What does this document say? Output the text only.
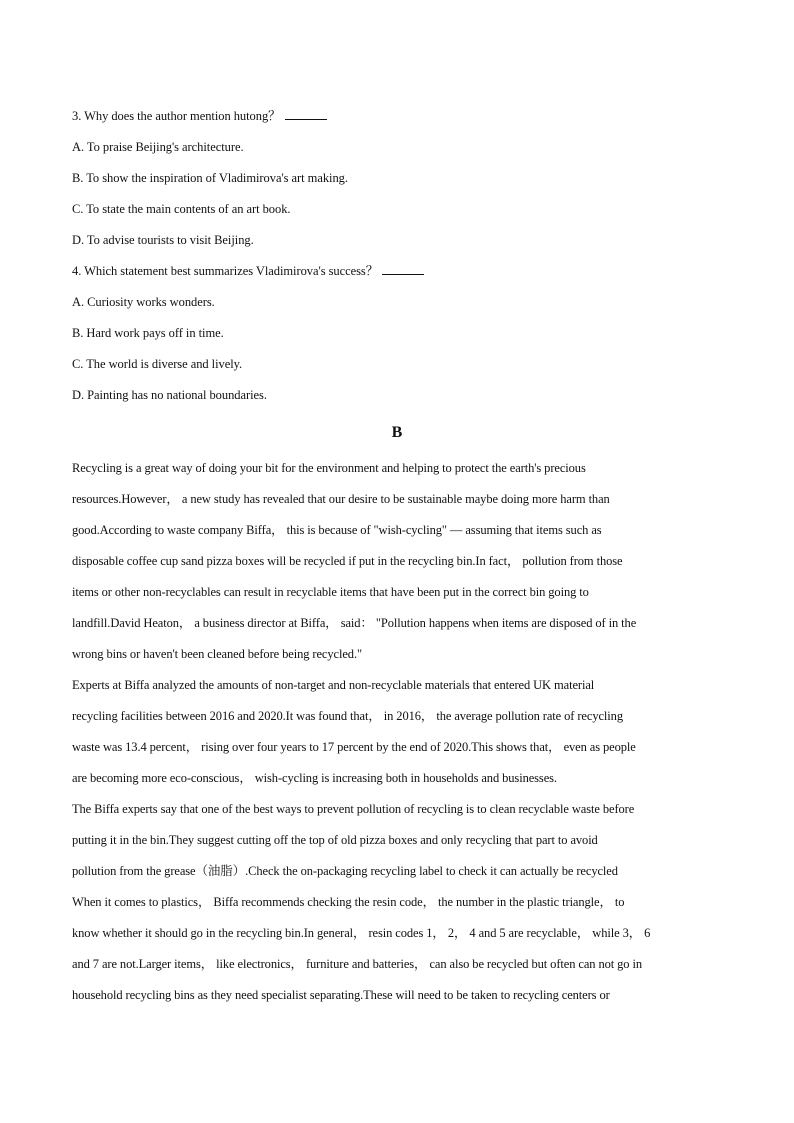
3. Why does the author mention hutong？
A. To praise Beijing's architecture.
B. To show the inspiration of Vladimirova's art making.
C. To state the main contents of an art book.
D. To advise tourists to visit Beijing.
4. Which statement best summarizes Vladimirova's success？
A. Curiosity works wonders.
B. Hard work pays off in time.
C. The world is diverse and lively.
D. Painting has no national boundaries.
B
Recycling is a great way of doing your bit for the environment and helping to protect the earth's precious
resources.However， a new study has revealed that our desire to be sustainable maybe doing more harm than
good.According to waste company Biffa， this is because of "wish-cycling" — assuming that items such as
disposable coffee cup sand pizza boxes will be recycled if put in the recycling bin.In fact， pollution from those
items or other non-recyclables can result in recyclable items that have been put in the correct bin going to
landfill.David Heaton， a business director at Biffa， said： "Pollution happens when items are disposed of in the
wrong bins or haven't been cleaned before being recycled."
Experts at Biffa analyzed the amounts of non-target and non-recyclable materials that entered UK material
recycling facilities between 2016 and 2020.It was found that， in 2016， the average pollution rate of recycling
waste was 13.4 percent， rising over four years to 17 percent by the end of 2020.This shows that， even as people
are becoming more eco-conscious， wish-cycling is increasing both in households and businesses.
The Biffa experts say that one of the best ways to prevent pollution of recycling is to clean recyclable waste before
putting it in the bin.They suggest cutting off the top of old pizza boxes and only recycling that part to avoid
pollution from the grease（油脂）.Check the on-packaging recycling label to check it can actually be recycled
When it comes to plastics， Biffa recommends checking the resin code， the number in the plastic triangle， to
know whether it should go in the recycling bin.In general， resin codes 1， 2， 4 and 5 are recyclable， while 3， 6
and 7 are not.Larger items， like electronics， furniture and batteries， can also be recycled but often can not go in
household recycling bins as they need specialist separating.These will need to be taken to recycling centers or
